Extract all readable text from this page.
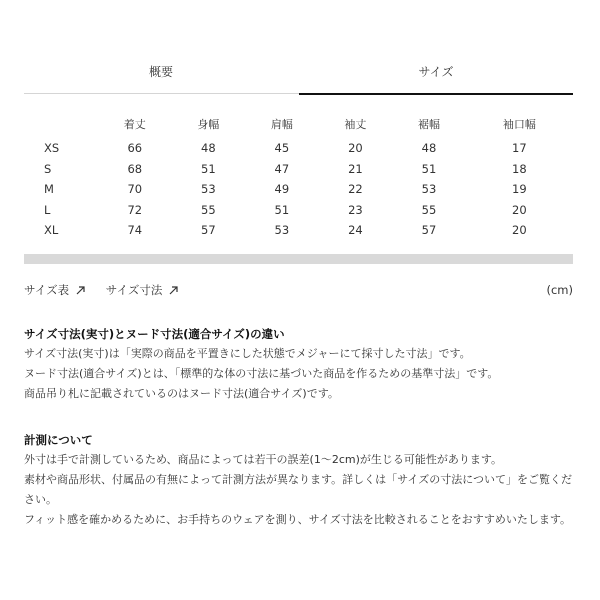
概要	サイズ
	着丈	身幅	肩幅	袖丈	裾幅	袖口幅
XS	66	48	45	20	48	17
S	68	51	47	21	51	18
M	70	53	49	22	53	19
L	72	55	51	23	55	20
XL	74	57	53	24	57	20
サイズ表
	サイズ寸法	(cm)
サイズ寸法(実寸)とヌード寸法(適合サイズ)の違い
サイズ寸法(実寸)は「実際の商品を平置きにした状態でメジャーにて採寸した寸法」です。
ヌード寸法(適合サイズ)とは、「標準的な体の寸法に基づいた商品を作るための基準寸法」です。
商品吊り札に記載されているのはヌード寸法(適合サイズ)です。
計測について
外寸は手で計測しているため、商品によっては若干の誤差(1〜2cm)が生じる可能性があります。
素材や商品形状、付属品の有無によって計測方法が異なります。詳しくは「サイズの寸法について」をご覧ください。
フィット感を確かめるために、お手持ちのウェアを測り、サイズ寸法を比較されることをおすすめいたします。
